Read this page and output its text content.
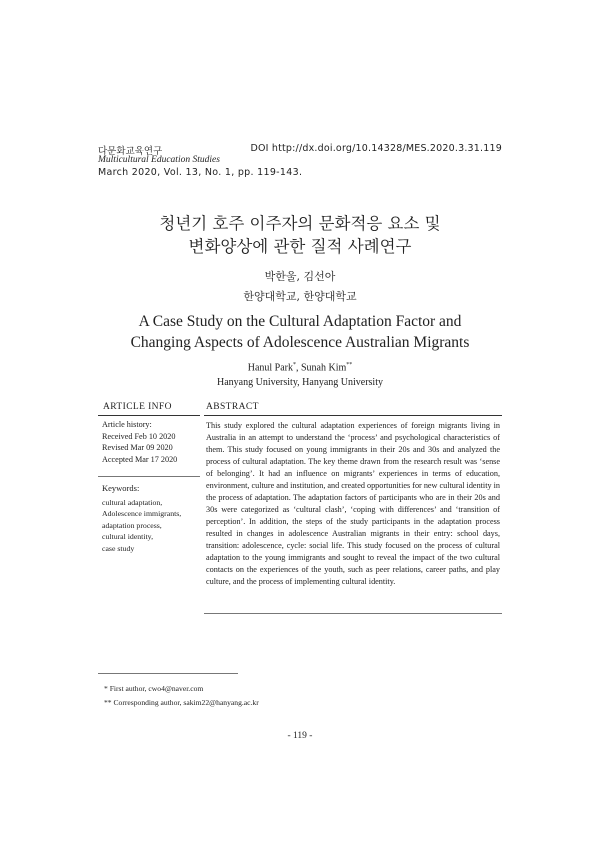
다문화교육연구	DOI http://dx.doi.org/10.14328/MES.2020.3.31.119
Multicultural Education Studies
March 2020, Vol. 13, No. 1, pp. 119-143.
청년기 호주 이주자의 문화적응 요소 및
변화양상에 관한 질적 사례연구
박한울, 김선아
한양대학교, 한양대학교
A Case Study on the Cultural Adaptation Factor and
Changing Aspects of Adolescence Australian Migrants
Hanul Park*, Sunah Kim**
Hanyang University, Hanyang University
ARTICLE INFO	ABSTRACT
Article history:
Received Feb 10 2020
Revised Mar 09 2020
Accepted Mar 17 2020
Keywords:
cultural adaptation,
Adolescence immigrants,
adaptation process,
cultural identity,
case study
This study explored the cultural adaptation experiences of foreign migrants living in Australia in an attempt to understand the ‘process’ and psychological characteristics of them. This study focused on young immigrants in their 20s and 30s and analyzed the process of cultural adaptation. The key theme drawn from the research result was ‘sense of belonging’. It had an influence on migrants’ experiences in terms of education, environment, culture and institution, and created opportunities for new cultural identity in the process of adaptation. The adaptation factors of participants who are in their 20s and 30s were categorized as ‘cultural clash’, ‘coping with differences’ and ‘transition of perception’. In addition, the steps of the study participants in the adaptation process resulted in changes in adolescence Australian migrants in their entry: school days, transition: adolescence, cycle: social life. This study focused on the process of cultural adaptation to the young immigrants and sought to reveal the impact of the two cultural contacts on the experiences of the youth, such as peer relations, career paths, and play culture, and the process of implementing cultural identity.
* First author, cwo4@naver.com
** Corresponding author, sakim22@hanyang.ac.kr
- 119 -
